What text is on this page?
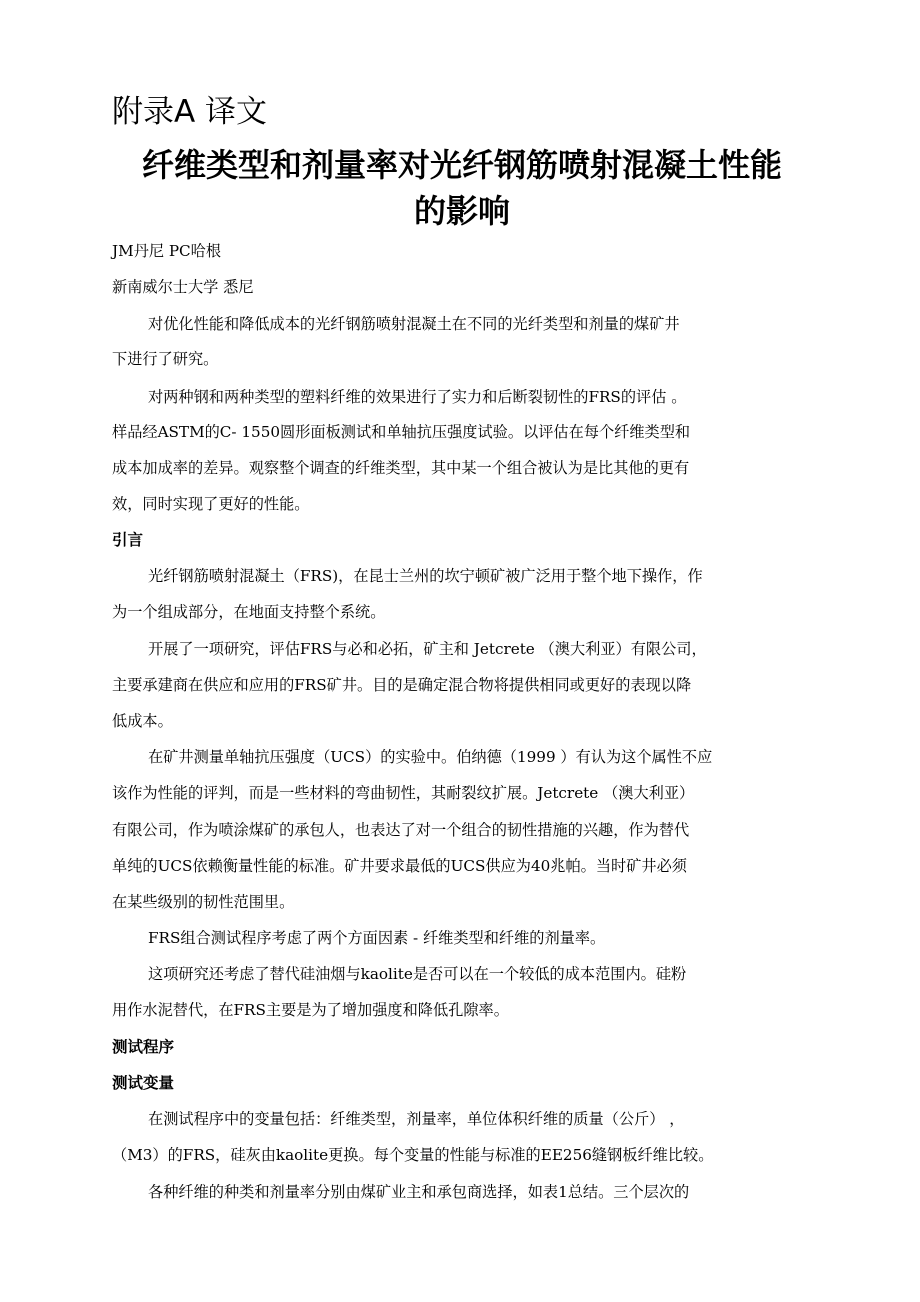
附录A 译文
纤维类型和剂量率对光纤钢筋喷射混凝土性能
的影响

JM丹尼 PC哈根

新南威尔士大学 悉尼

对优化性能和降低成本的光纤钢筋喷射混凝土在不同的光纤类型和剂量的煤矿井

下进行了研究。

对两种钢和两种类型的塑料纤维的效果进行了实力和后断裂韧性的FRS的评估 。

样品经ASTM的C- 1550圆形面板测试和单轴抗压强度试验。以评估在每个纤维类型和

成本加成率的差异。观察整个调查的纤维类型，其中某一个组合被认为是比其他的更有

效，同时实现了更好的性能。

引言

光纤钢筋喷射混凝土（FRS)，在昆士兰州的坎宁顿矿被广泛用于整个地下操作，作

为一个组成部分，在地面支持整个系统。

开展了一项研究，评估FRS与必和必拓，矿主和 Jetcrete （澳大利亚）有限公司，

主要承建商在供应和应用的FRS矿井。目的是确定混合物将提供相同或更好的表现以降

低成本。

在矿井测量单轴抗压强度（UCS）的实验中。伯纳德（1999 ）有认为这个属性不应

该作为性能的评判，而是一些材料的弯曲韧性，其耐裂纹扩展。Jetcrete （澳大利亚）

有限公司，作为喷涂煤矿的承包人，也表达了对一个组合的韧性措施的兴趣，作为替代

单纯的UCS依赖衡量性能的标准。矿井要求最低的UCS供应为40兆帕。当时矿井必须

在某些级别的韧性范围里。

FRS组合测试程序考虑了两个方面因素 - 纤维类型和纤维的剂量率。

这项研究还考虑了替代硅油烟与kaolite是否可以在一个较低的成本范围内。硅粉

用作水泥替代，在FRS主要是为了增加强度和降低孔隙率。

测试程序
测试变量

在测试程序中的变量包括：纤维类型，剂量率，单位体积纤维的质量（公斤） ，

（M3）的FRS，硅灰由kaolite更换。每个变量的性能与标准的EE256缝钢板纤维比较。

各种纤维的种类和剂量率分别由煤矿业主和承包商选择，如表1总结。三个层次的
